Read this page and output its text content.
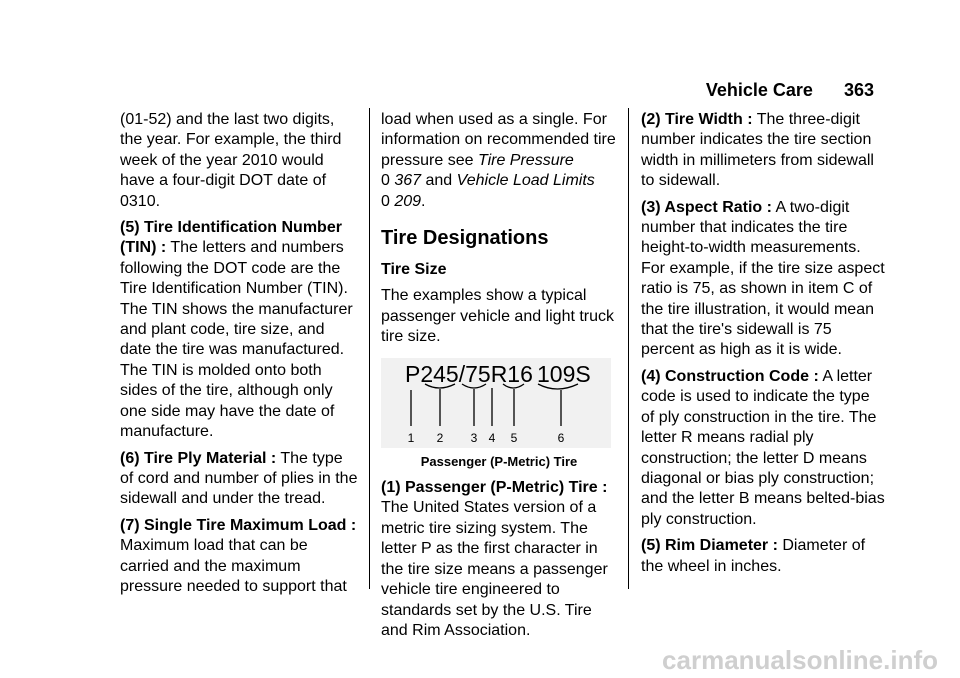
Vehicle Care 363

(01-52) and the last two digits, the year. For example, the third week of the year 2010 would have a four-digit DOT date of 0310.

(5) Tire Identification Number (TIN) : The letters and numbers following the DOT code are the Tire Identification Number (TIN). The TIN shows the manufacturer and plant code, tire size, and date the tire was manufactured. The TIN is molded onto both sides of the tire, although only one side may have the date of manufacture.

(6) Tire Ply Material : The type of cord and number of plies in the sidewall and under the tread.

(7) Single Tire Maximum Load : Maximum load that can be carried and the maximum pressure needed to support that

load when used as a single. For information on recommended tire pressure see Tire Pressure
0 367 and Vehicle Load Limits
0 209.

Tire Designations
Tire Size

The examples show a typical passenger vehicle and light truck tire size.

P245/75R16 109S
1 2 3 4 5	6
Passenger (P-Metric) Tire

(1) Passenger (P-Metric) Tire : The United States version of a metric tire sizing system. The letter P as the first character in the tire size means a passenger vehicle tire engineered to standards set by the U.S. Tire and Rim Association.

(2) Tire Width : The three-digit number indicates the tire section width in millimeters from sidewall to sidewall.

(3) Aspect Ratio : A two-digit number that indicates the tire height-to-width measurements. For example, if the tire size aspect ratio is 75, as shown in item C of the tire illustration, it would mean that the tire's sidewall is 75 percent as high as it is wide.

(4) Construction Code : A letter code is used to indicate the type of ply construction in the tire. The letter R means radial ply construction; the letter D means diagonal or bias ply construction; and the letter B means belted-bias ply construction.

(5) Rim Diameter : Diameter of the wheel in inches.

carmanualsonline.info
